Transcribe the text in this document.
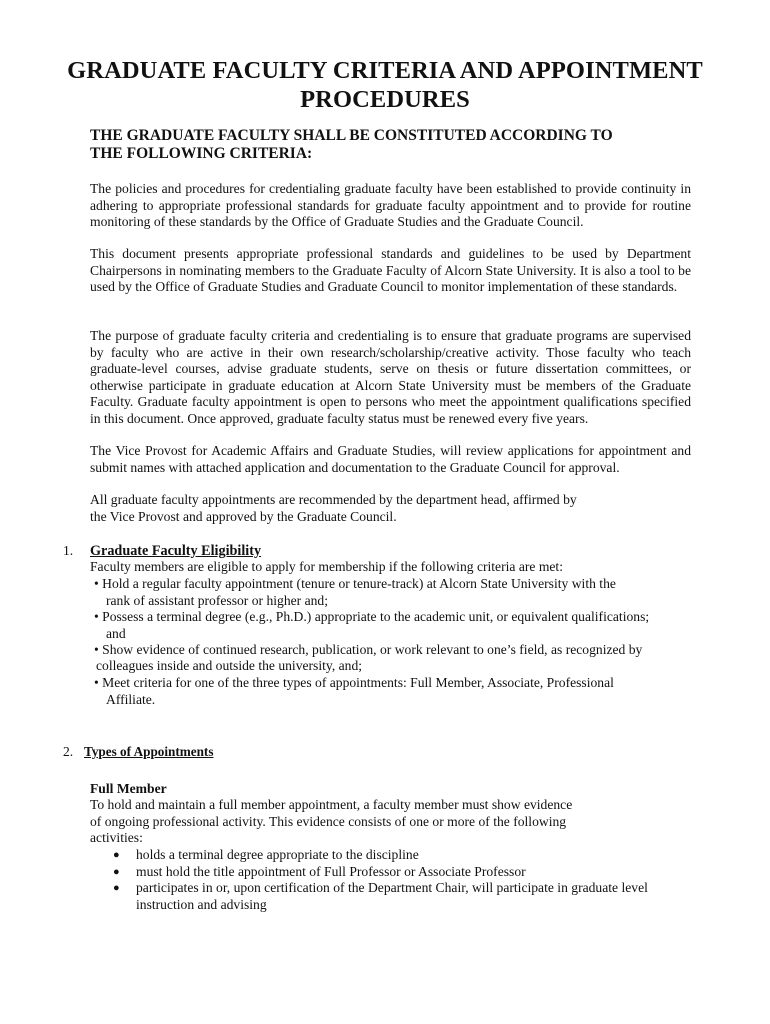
GRADUATE FACULTY CRITERIA AND APPOINTMENT
PROCEDURES
THE GRADUATE FACULTY SHALL BE CONSTITUTED ACCORDING TO
THE FOLLOWING CRITERIA:

The policies and procedures for credentialing graduate faculty have been established to provide continuity in adhering to appropriate professional standards for graduate faculty appointment and to provide for routine monitoring of these standards by the Office of Graduate Studies and the Graduate Council.

This document presents appropriate professional standards and guidelines to be used by Department Chairpersons in nominating members to the Graduate Faculty of Alcorn State University. It is also a tool to be used by the Office of Graduate Studies and Graduate Council to monitor implementation of these standards.

The purpose of graduate faculty criteria and credentialing is to ensure that graduate programs are supervised by faculty who are active in their own research/scholarship/creative activity. Those faculty who teach graduate-level courses, advise graduate students, serve on thesis or future dissertation committees, or otherwise participate in graduate education at Alcorn State University must be members of the Graduate Faculty. Graduate faculty appointment is open to persons who meet the appointment qualifications specified in this document. Once approved, graduate faculty status must be renewed every five years.

The Vice Provost for Academic Affairs and Graduate Studies, will review applications for appointment and submit names with attached application and documentation to the Graduate Council for approval.

All graduate faculty appointments are recommended by the department head, affirmed by
the Vice Provost and approved by the Graduate Council.
1. Graduate Faculty Eligibility
Faculty members are eligible to apply for membership if the following criteria are met:
• Hold a regular faculty appointment (tenure or tenure-track) at Alcorn State University with the
rank of assistant professor or higher and;
• Possess a terminal degree (e.g., Ph.D.) appropriate to the academic unit, or equivalent qualifications;
and
• Show evidence of continued research, publication, or work relevant to one’s field, as recognized by
colleagues inside and outside the university, and;
• Meet criteria for one of the three types of appointments: Full Member, Associate, Professional
Affiliate.
2. Types of Appointments
Full Member
To hold and maintain a full member appointment, a faculty member must show evidence
of ongoing professional activity. This evidence consists of one or more of the following
activities:
● holds a terminal degree appropriate to the discipline
● must hold the title appointment of Full Professor or Associate Professor
● participates in or, upon certification of the Department Chair, will participate in graduate level
instruction and advising
